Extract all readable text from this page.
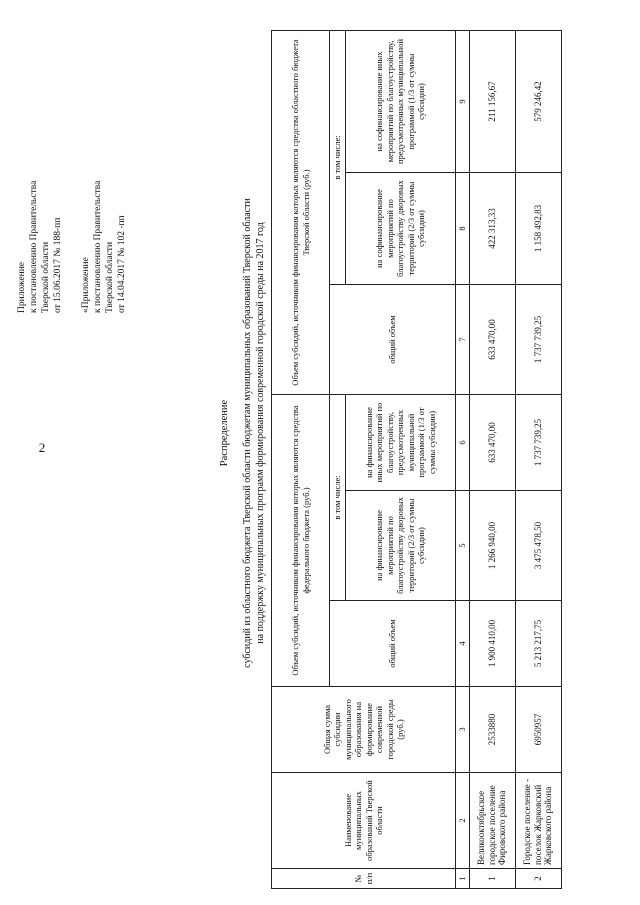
2
Приложение к постановлению Правительства Тверской области от 15.06.2017 № 188-пп «Приложение к постановлению Правительства Тверской области от 14.04.2017 № 102 -пп
Распределение субсидий из областного бюджета Тверской области бюджетам муниципальных образований Тверской области на поддержку муниципальных программ формирования современной городской среды на 2017 год
№ п/п	Наименование муниципальных образований Тверской области	Общая сумма субсидии муниципального образования на формирование современной городской среды (руб.)	Объем субсидий, источником финансирования которых являются средства федерального бюджета (руб.)			Объем субсидий, источником финансирования которых являются средства областного бюджета Тверской области (руб.)		
			общий объем	в том числе:		общий объем	в том числе:	
				на финансирование мероприятий по благоустройству дворовых территорий (2/3 от суммы субсидии)	на финансирование иных мероприятий по благоустройству, предусмотренных муниципальной программой (1/3 от суммы субсидии)		на софинансирование мероприятий по благоустройству дворовых территорий (2/3 от суммы субсидии)	на софинансирование иных мероприятий по благоустройству, предусмотренных муниципальной программой (1/3 от суммы субсидии)
1	2	3	4	5	6	7	8	9
1	Великооктябрьское городское поселение Фировского района	2533880	1 900 410,00	1 266 940,00	633 470,00	633 470,00	422 313,33	211 156,67
2	Городское поселение - поселок Жарковский Жарковского района	6950957	5 213 217,75	3 475 478,50	1 737 739,25	1 737 739,25	1 158 492,83	579 246,42
